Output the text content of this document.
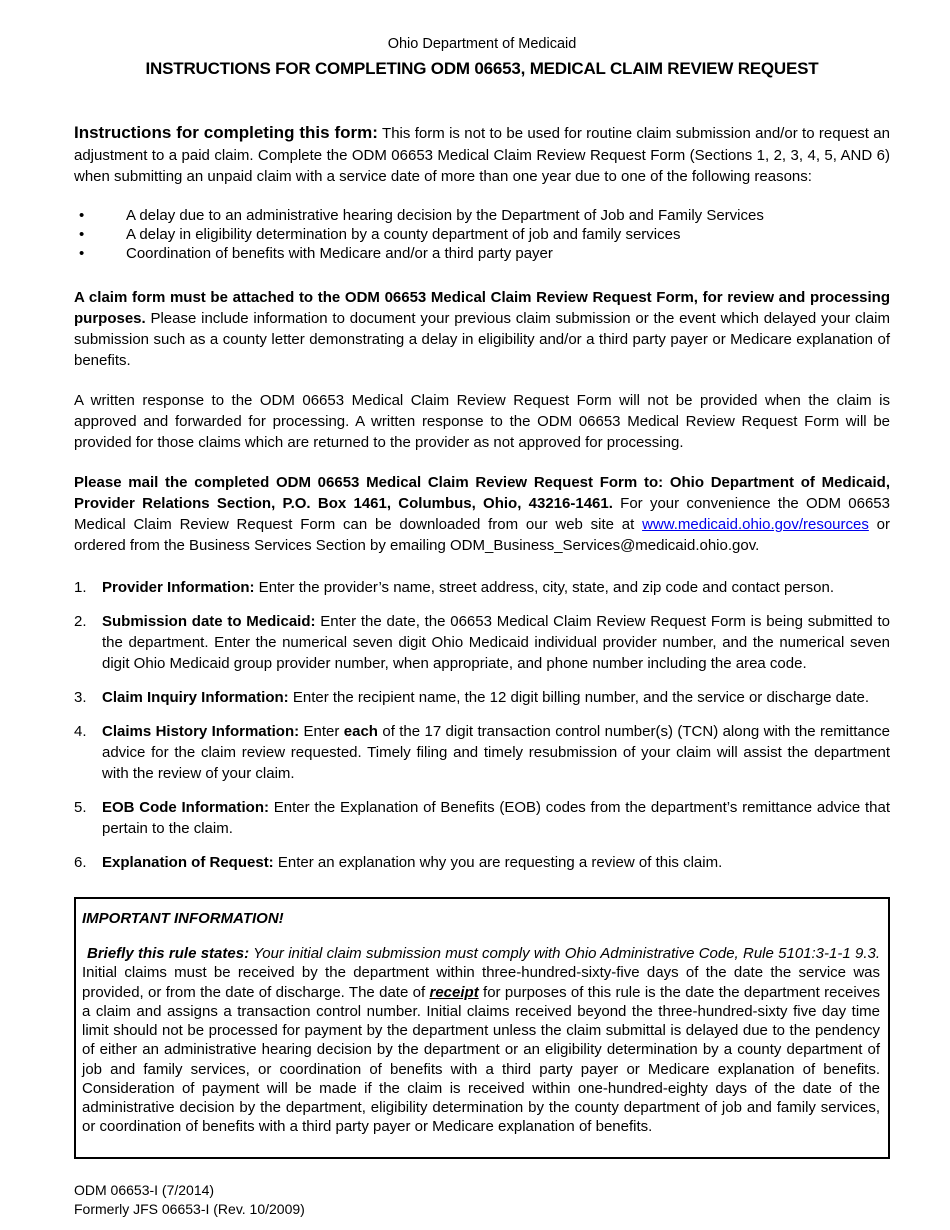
Ohio Department of Medicaid
INSTRUCTIONS FOR COMPLETING ODM 06653, MEDICAL CLAIM REVIEW REQUEST

Instructions for completing this form: This form is not to be used for routine claim submission and/or to request an adjustment to a paid claim. Complete the ODM 06653 Medical Claim Review Request Form (Sections 1, 2, 3, 4, 5, AND 6) when submitting an unpaid claim with a service date of more than one year due to one of the following reasons:

•	A delay due to an administrative hearing decision by the Department of Job and Family Services
•	A delay in eligibility determination by a county department of job and family services
•	Coordination of benefits with Medicare and/or a third party payer

A claim form must be attached to the ODM 06653 Medical Claim Review Request Form, for review and processing purposes. Please include information to document your previous claim submission or the event which delayed your claim submission such as a county letter demonstrating a delay in eligibility and/or a third party payer or Medicare explanation of benefits.

A written response to the ODM 06653 Medical Claim Review Request Form will not be provided when the claim is approved and forwarded for processing. A written response to the ODM 06653 Medical Review Request Form will be provided for those claims which are returned to the provider as not approved for processing.

Please mail the completed ODM 06653 Medical Claim Review Request Form to: Ohio Department of Medicaid, Provider Relations Section, P.O. Box 1461, Columbus, Ohio, 43216-1461. For your convenience the ODM 06653 Medical Claim Review Request Form can be downloaded from our web site at www.medicaid.ohio.gov/resources or ordered from the Business Services Section by emailing ODM_Business_Services@medicaid.ohio.gov.

1.	Provider Information: Enter the provider’s name, street address, city, state, and zip code and contact person.
2.	Submission date to Medicaid: Enter the date, the 06653 Medical Claim Review Request Form is being submitted to the department. Enter the numerical seven digit Ohio Medicaid individual provider number, and the numerical seven digit Ohio Medicaid group provider number, when appropriate, and phone number including the area code.
3.	Claim Inquiry Information: Enter the recipient name, the 12 digit billing number, and the service or discharge date.
4.	Claims History Information: Enter each of the 17 digit transaction control number(s) (TCN) along with the remittance advice for the claim review requested. Timely filing and timely resubmission of your claim will assist the department with the review of your claim.
5.	EOB Code Information: Enter the Explanation of Benefits (EOB) codes from the department’s remittance advice that pertain to the claim.
6.	Explanation of Request: Enter an explanation why you are requesting a review of this claim.
IMPORTANT INFORMATION!

Briefly this rule states: Your initial claim submission must comply with Ohio Administrative Code, Rule 5101:3-1-1 9.3. Initial claims must be received by the department within three-hundred-sixty-five days of the date the service was provided, or from the date of discharge. The date of receipt for purposes of this rule is the date the department receives a claim and assigns a transaction control number. Initial claims received beyond the three-hundred-sixty five day time limit should not be processed for payment by the department unless the claim submittal is delayed due to the pendency of either an administrative hearing decision by the department or an eligibility determination by a county department of job and family services, or coordination of benefits with a third party payer or Medicare explanation of benefits. Consideration of payment will be made if the claim is received within one-hundred-eighty days of the date of the administrative decision by the department, eligibility determination by the county department of job and family services, or coordination of benefits with a third party payer or Medicare explanation of benefits.

ODM 06653-I (7/2014)
Formerly JFS 06653-I (Rev. 10/2009)
